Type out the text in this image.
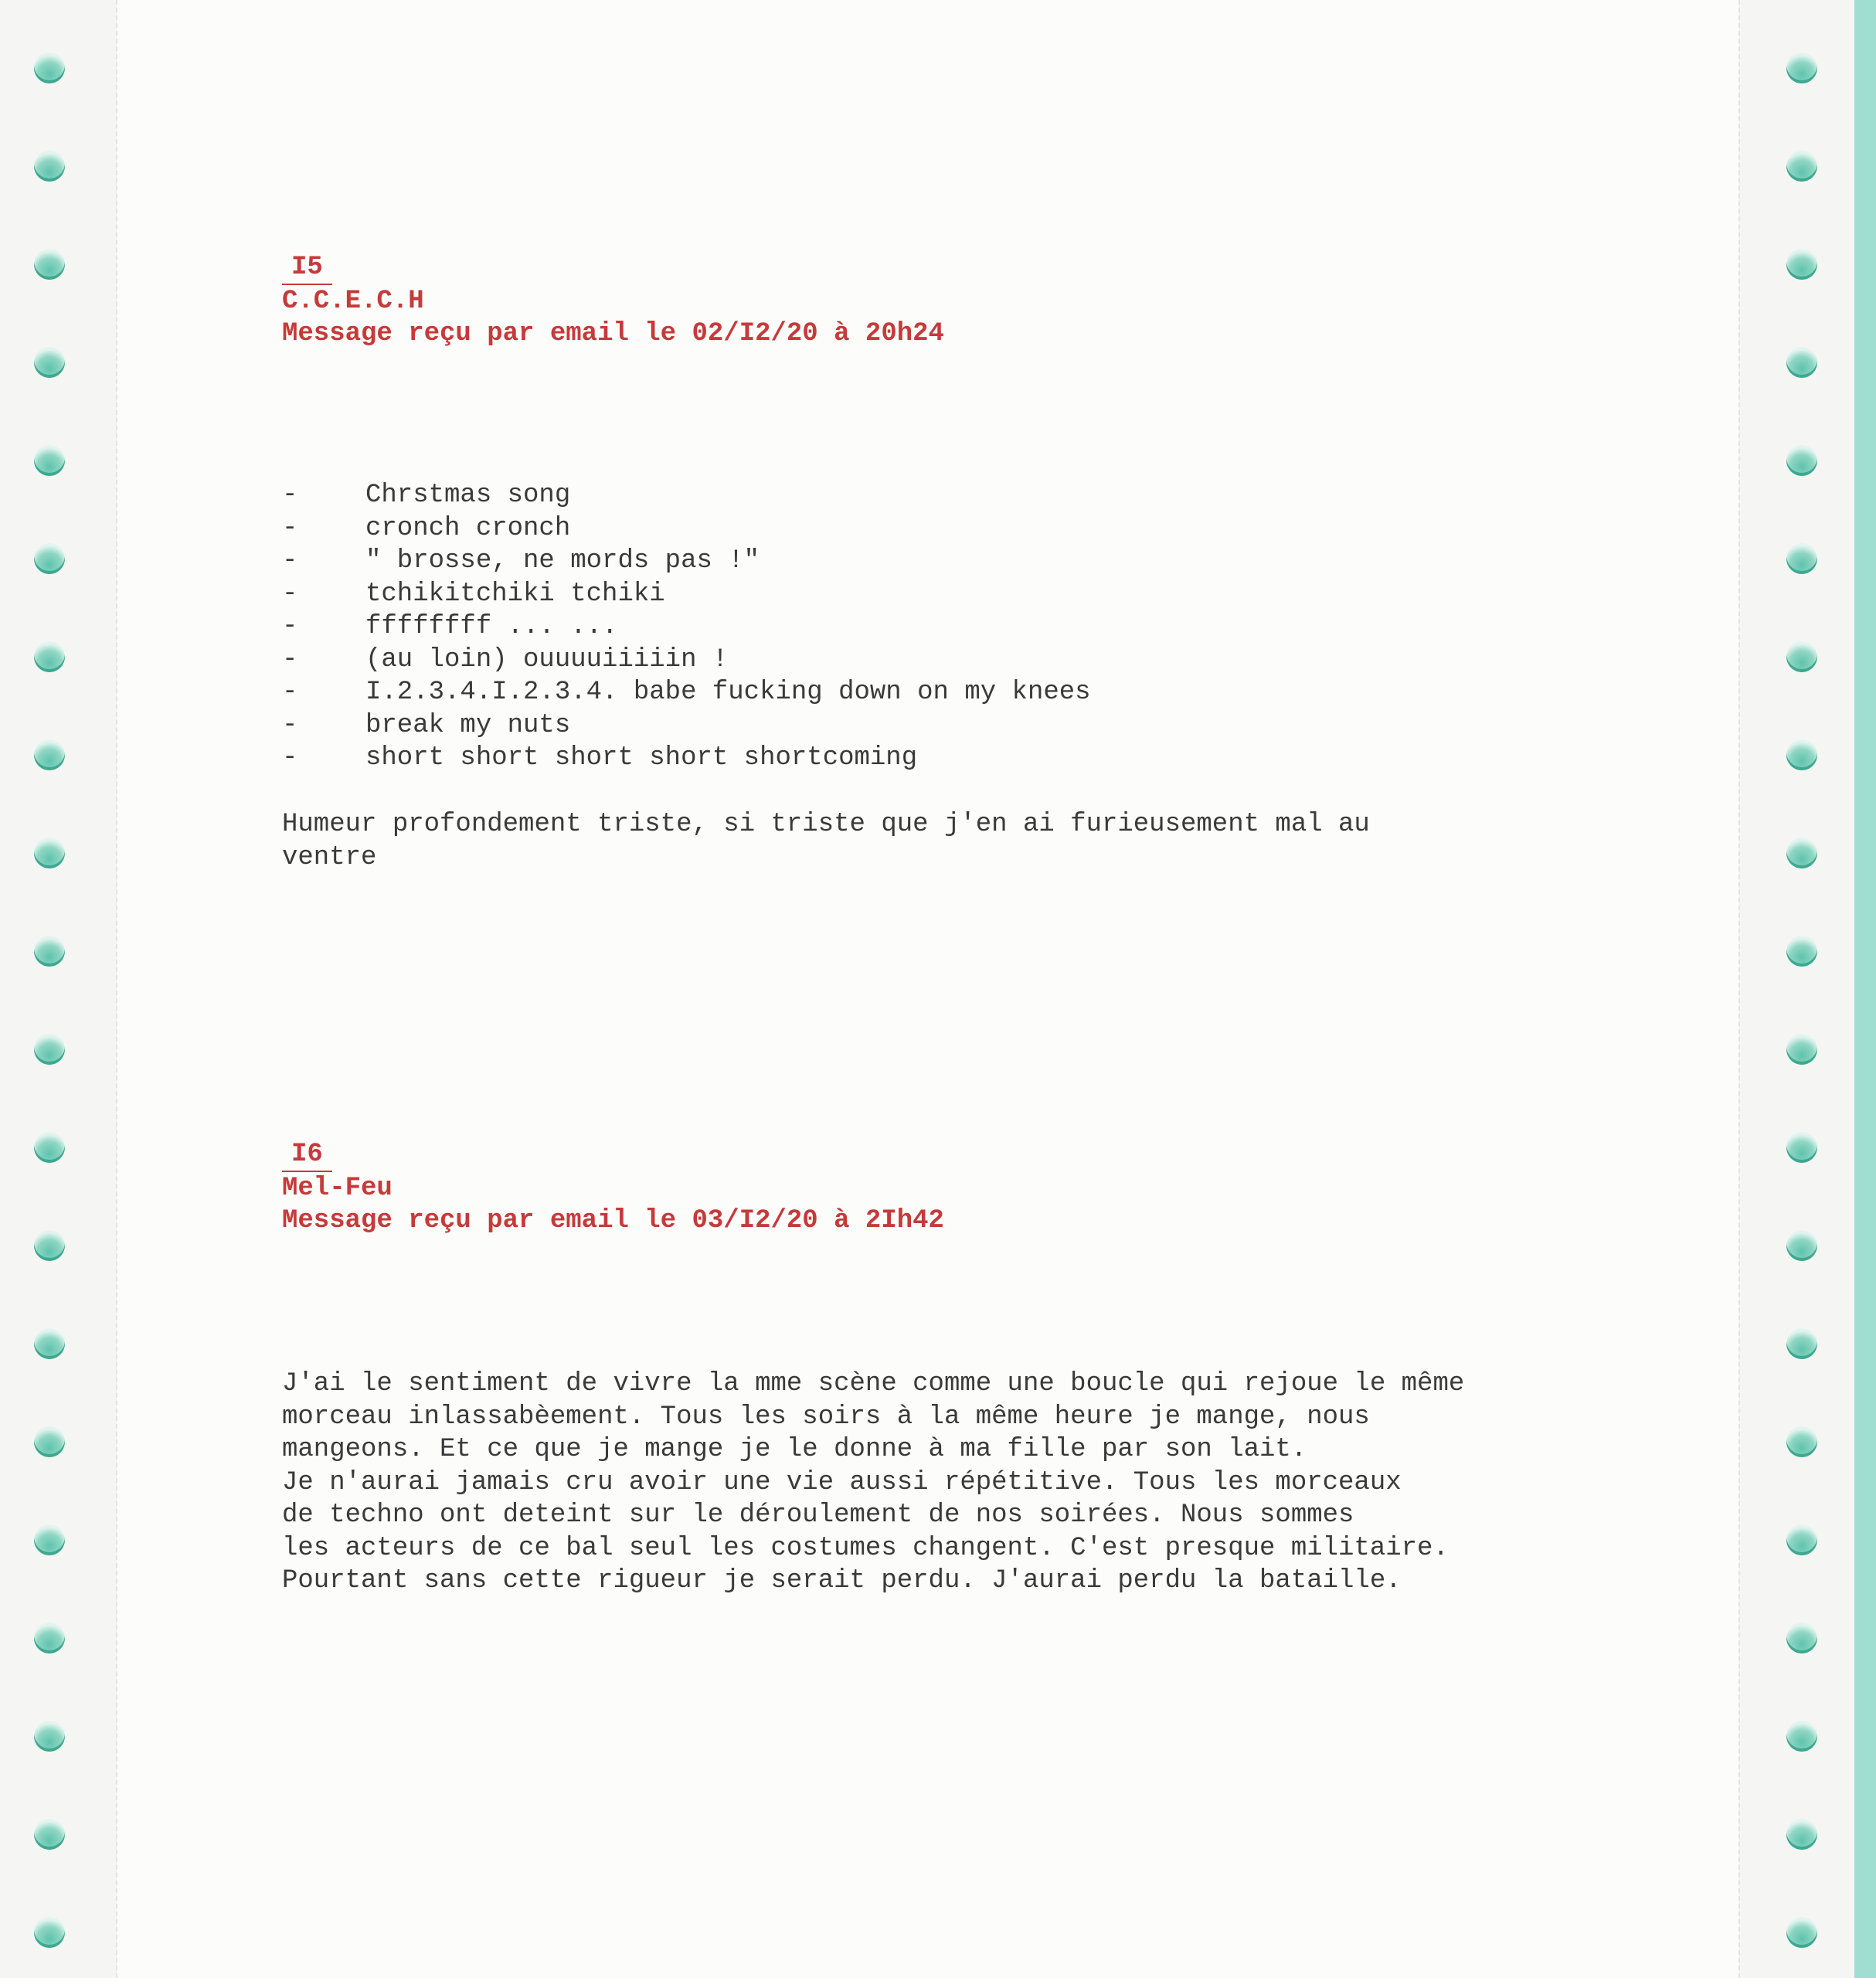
I5

C.C.E.C.H

Message reçu par email le 02/I2/20 à 20h24

-	Chrstmas song
-	cronch cronch
-	" brosse, ne mords pas !"
-	tchikitchiki tchiki
-	ffffffff ... ...
-	(au loin) ouuuuiiiiin !
-	I.2.3.4.I.2.3.4. babe fucking down on my knees
-	break my nuts
-	short short short short shortcoming

Humeur profondement triste, si triste que j'en ai furieusement mal au

ventre

I6

Mel-Feu

Message reçu par email le 03/I2/20 à 2Ih42

J'ai le sentiment de vivre la mme scène comme une boucle qui rejoue le même

morceau inlassabèement. Tous les soirs à la même heure je mange, nous

mangeons. Et ce que je mange je le donne à ma fille par son lait.

Je n'aurai jamais cru avoir une vie aussi répétitive. Tous les morceaux

de techno ont deteint sur le déroulement de nos soirées. Nous sommes

les acteurs de ce bal seul les costumes changent. C'est presque militaire.

Pourtant sans cette rigueur je serait perdu. J'aurai perdu la bataille.
